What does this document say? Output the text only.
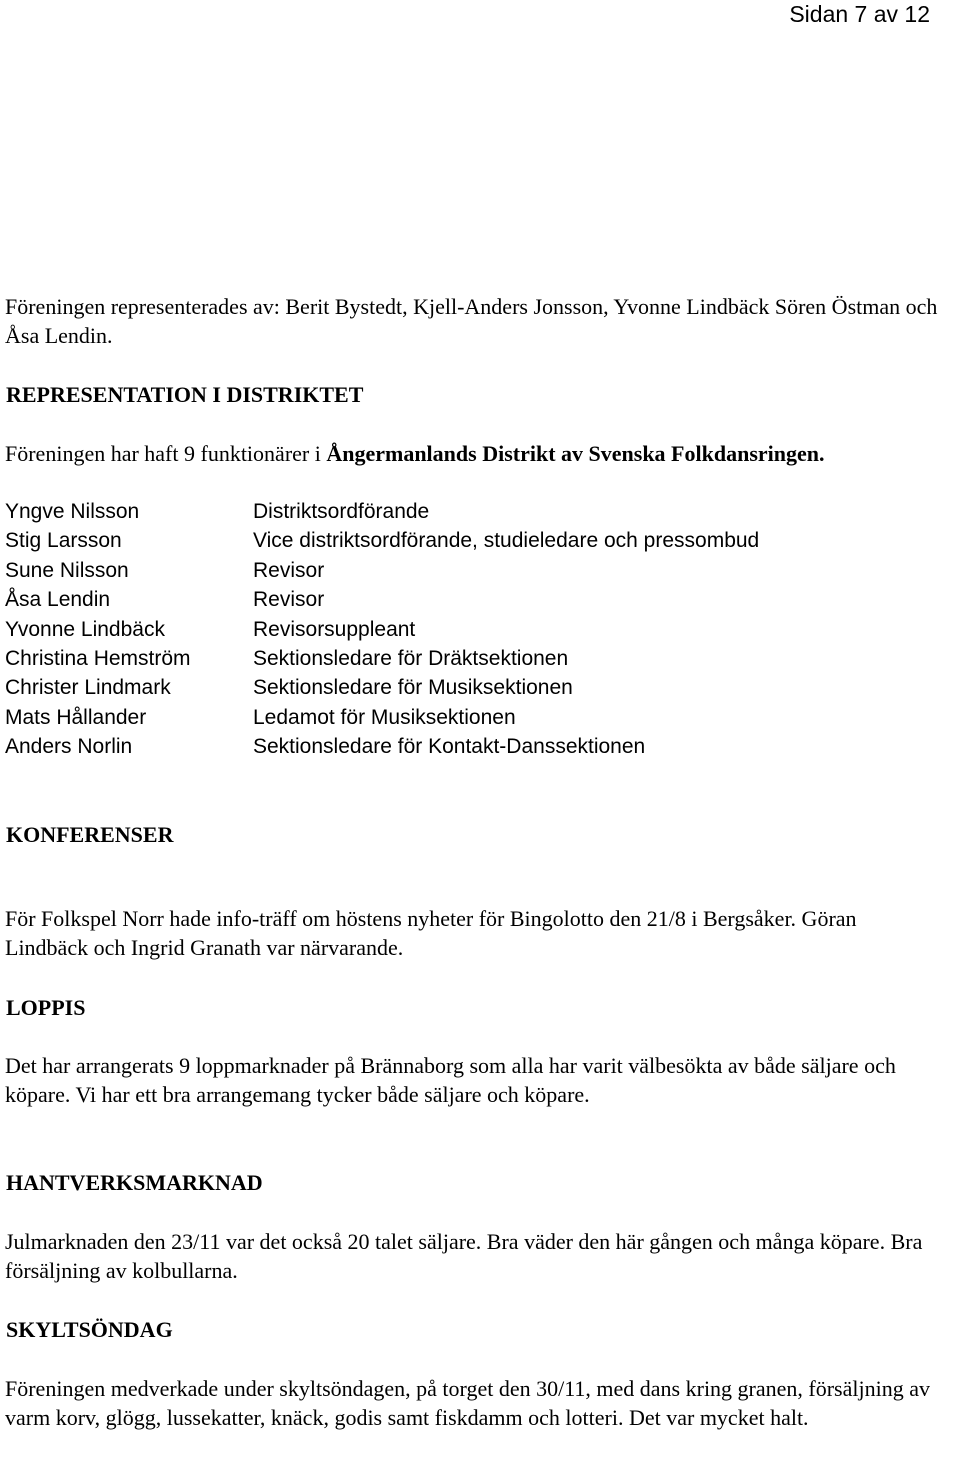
Sidan 7 av 12

Föreningen representerades av: Berit Bystedt, Kjell-Anders Jonsson, Yvonne Lindbäck Sören Östman och Åsa Lendin.

REPRESENTATION I DISTRIKTET

Föreningen har haft 9 funktionärer i Ångermanlands Distrikt av Svenska Folkdansringen.

Yngve Nilsson
Stig Larsson
Sune Nilsson
Åsa Lendin
Yvonne Lindbäck
Christina Hemström
Christer Lindmark
Mats Hållander
Anders Norlin
Distriktsordförande
Vice distriktsordförande, studieledare och pressombud
Revisor
Revisor
Revisorsuppleant
Sektionsledare för Dräktsektionen
Sektionsledare för Musiksektionen
Ledamot för Musiksektionen
Sektionsledare för Kontakt-Danssektionen
KONFERENSER

För Folkspel Norr hade info-träff om höstens nyheter för Bingolotto den 21/8 i Bergsåker. Göran Lindbäck och Ingrid Granath var närvarande.

LOPPIS

Det har arrangerats 9 loppmarknader på Brännaborg som alla har varit välbesökta av både säljare och köpare. Vi har ett bra arrangemang tycker både säljare och köpare.

HANTVERKSMARKNAD

Julmarknaden den 23/11 var det också 20 talet säljare. Bra väder den här gången och många köpare. Bra försäljning av kolbullarna.

SKYLTSÖNDAG

Föreningen medverkade under skyltsöndagen, på torget den 30/11, med dans kring granen, försäljning av varm korv, glögg, lussekatter, knäck, godis samt fiskdamm och lotteri. Det var mycket halt.
